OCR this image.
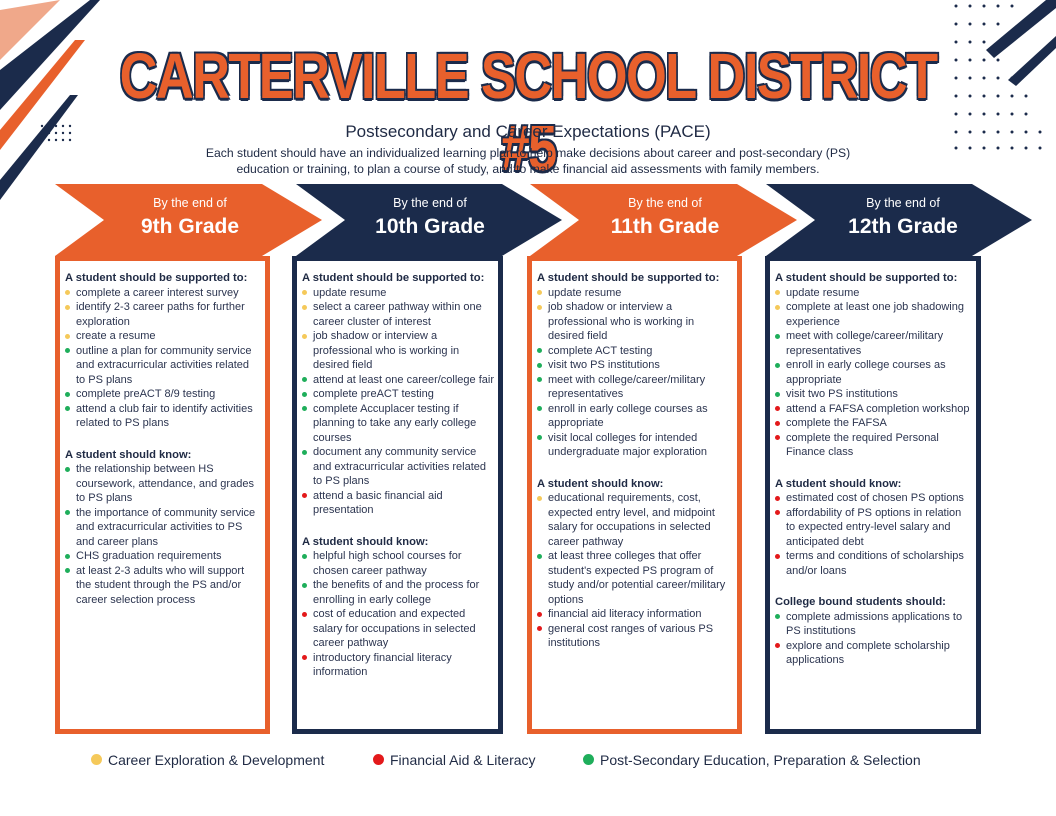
CARTERVILLE SCHOOL DISTRICT #5
Postsecondary and Career Expectations (PACE)
Each student should have an individualized learning plan to help make decisions about career and post-secondary (PS) education or training, to plan a course of study, and to make financial aid assessments with family members.
By the end of
9th Grade
By the end of
10th Grade
By the end of
11th Grade
By the end of
12th Grade
A student should be supported to:
complete a career interest survey
identify 2-3 career paths for further exploration
create a resume
outline a plan for community service and extracurricular activities related to PS plans
complete preACT 8/9 testing
attend a club fair to identify activities related to PS plans
A student should know:
the relationship between HS coursework, attendance, and grades to PS plans
the importance of community service and extracurricular activities to PS and career plans
CHS graduation requirements
at least 2-3 adults who will support the student through the PS and/or career selection process
A student should be supported to:
update resume
select a career pathway within one career cluster of interest
job shadow or interview a professional who is working in desired field
attend at least one career/college fair
complete preACT testing
complete Accuplacer testing if planning to take any early college courses
document any community service and extracurricular activities related to PS plans
attend a basic financial aid presentation
A student should know:
helpful high school courses for chosen career pathway
the benefits of and the process for enrolling in early college
cost of education and expected salary for occupations in selected career pathway
introductory financial literacy information
A student should be supported to:
update resume
job shadow or interview a professional who is working in desired field
complete ACT testing
visit two PS institutions
meet with college/career/military representatives
enroll in early college courses as appropriate
visit local colleges for intended undergraduate major exploration
A student should know:
educational requirements, cost, expected entry level, and midpoint salary for occupations in selected career pathway
at least three colleges that offer student's expected PS program of study and/or potential career/military options
financial aid literacy information
general cost ranges of various PS institutions
A student should be supported to:
update resume
complete at least one job shadowing experience
meet with college/career/military representatives
enroll in early college courses as appropriate
visit two PS institutions
attend a FAFSA completion workshop
complete the FAFSA
complete the required Personal Finance class
A student should know:
estimated cost of chosen PS options
affordability of PS options in relation to expected entry-level salary and anticipated debt
terms and conditions of scholarships and/or loans
College bound students should:
complete admissions applications to PS institutions
explore and complete scholarship applications
Career Exploration & Development	Financial Aid & Literacy	Post-Secondary Education, Preparation & Selection
